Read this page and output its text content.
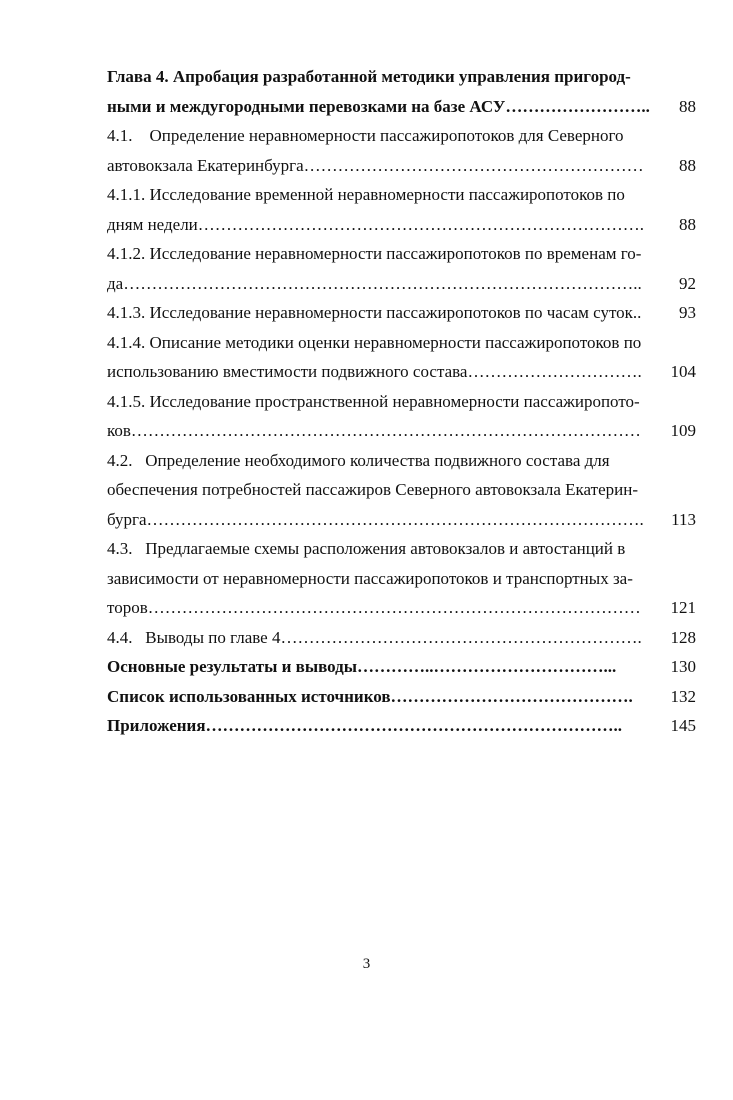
Глава 4. Апробация разработанной методики управления пригород-
ными и междугородными перевозками на базе АСУ……………………..	88
4.1.    Определение неравномерности пассажиропотоков для Северного
автовокзала Екатеринбурга……………………………………………………	88
4.1.1. Исследование временной неравномерности пассажиропотоков по
дням недели…………………………………………………………………….	88
4.1.2. Исследование неравномерности пассажиропотоков по временам го-
да………………………………………………………………………………..	92
4.1.3. Исследование неравномерности пассажиропотоков по часам суток..	93
4.1.4. Описание методики оценки неравномерности пассажиропотоков по
использованию вместимости подвижного состава………………………….	104
4.1.5. Исследование пространственной неравномерности пассажиропото-
ков………………………………………………………………………………	109
4.2.   Определение необходимого количества подвижного состава для
обеспечения потребностей пассажиров Северного автовокзала Екатерин-
бурга…………………………………………………………………………….	113
4.3.   Предлагаемые схемы расположения автовокзалов и автостанций в
зависимости от неравномерности пассажиропотоков и транспортных за-
торов……………………………………………………………………………	121
4.4.   Выводы по главе 4……………………………………………………….	128
Основные результаты и выводы…………..…………………………...	130
Список использованных источников…………………………………….	132
Приложения………………………………………………………………..	145
3
